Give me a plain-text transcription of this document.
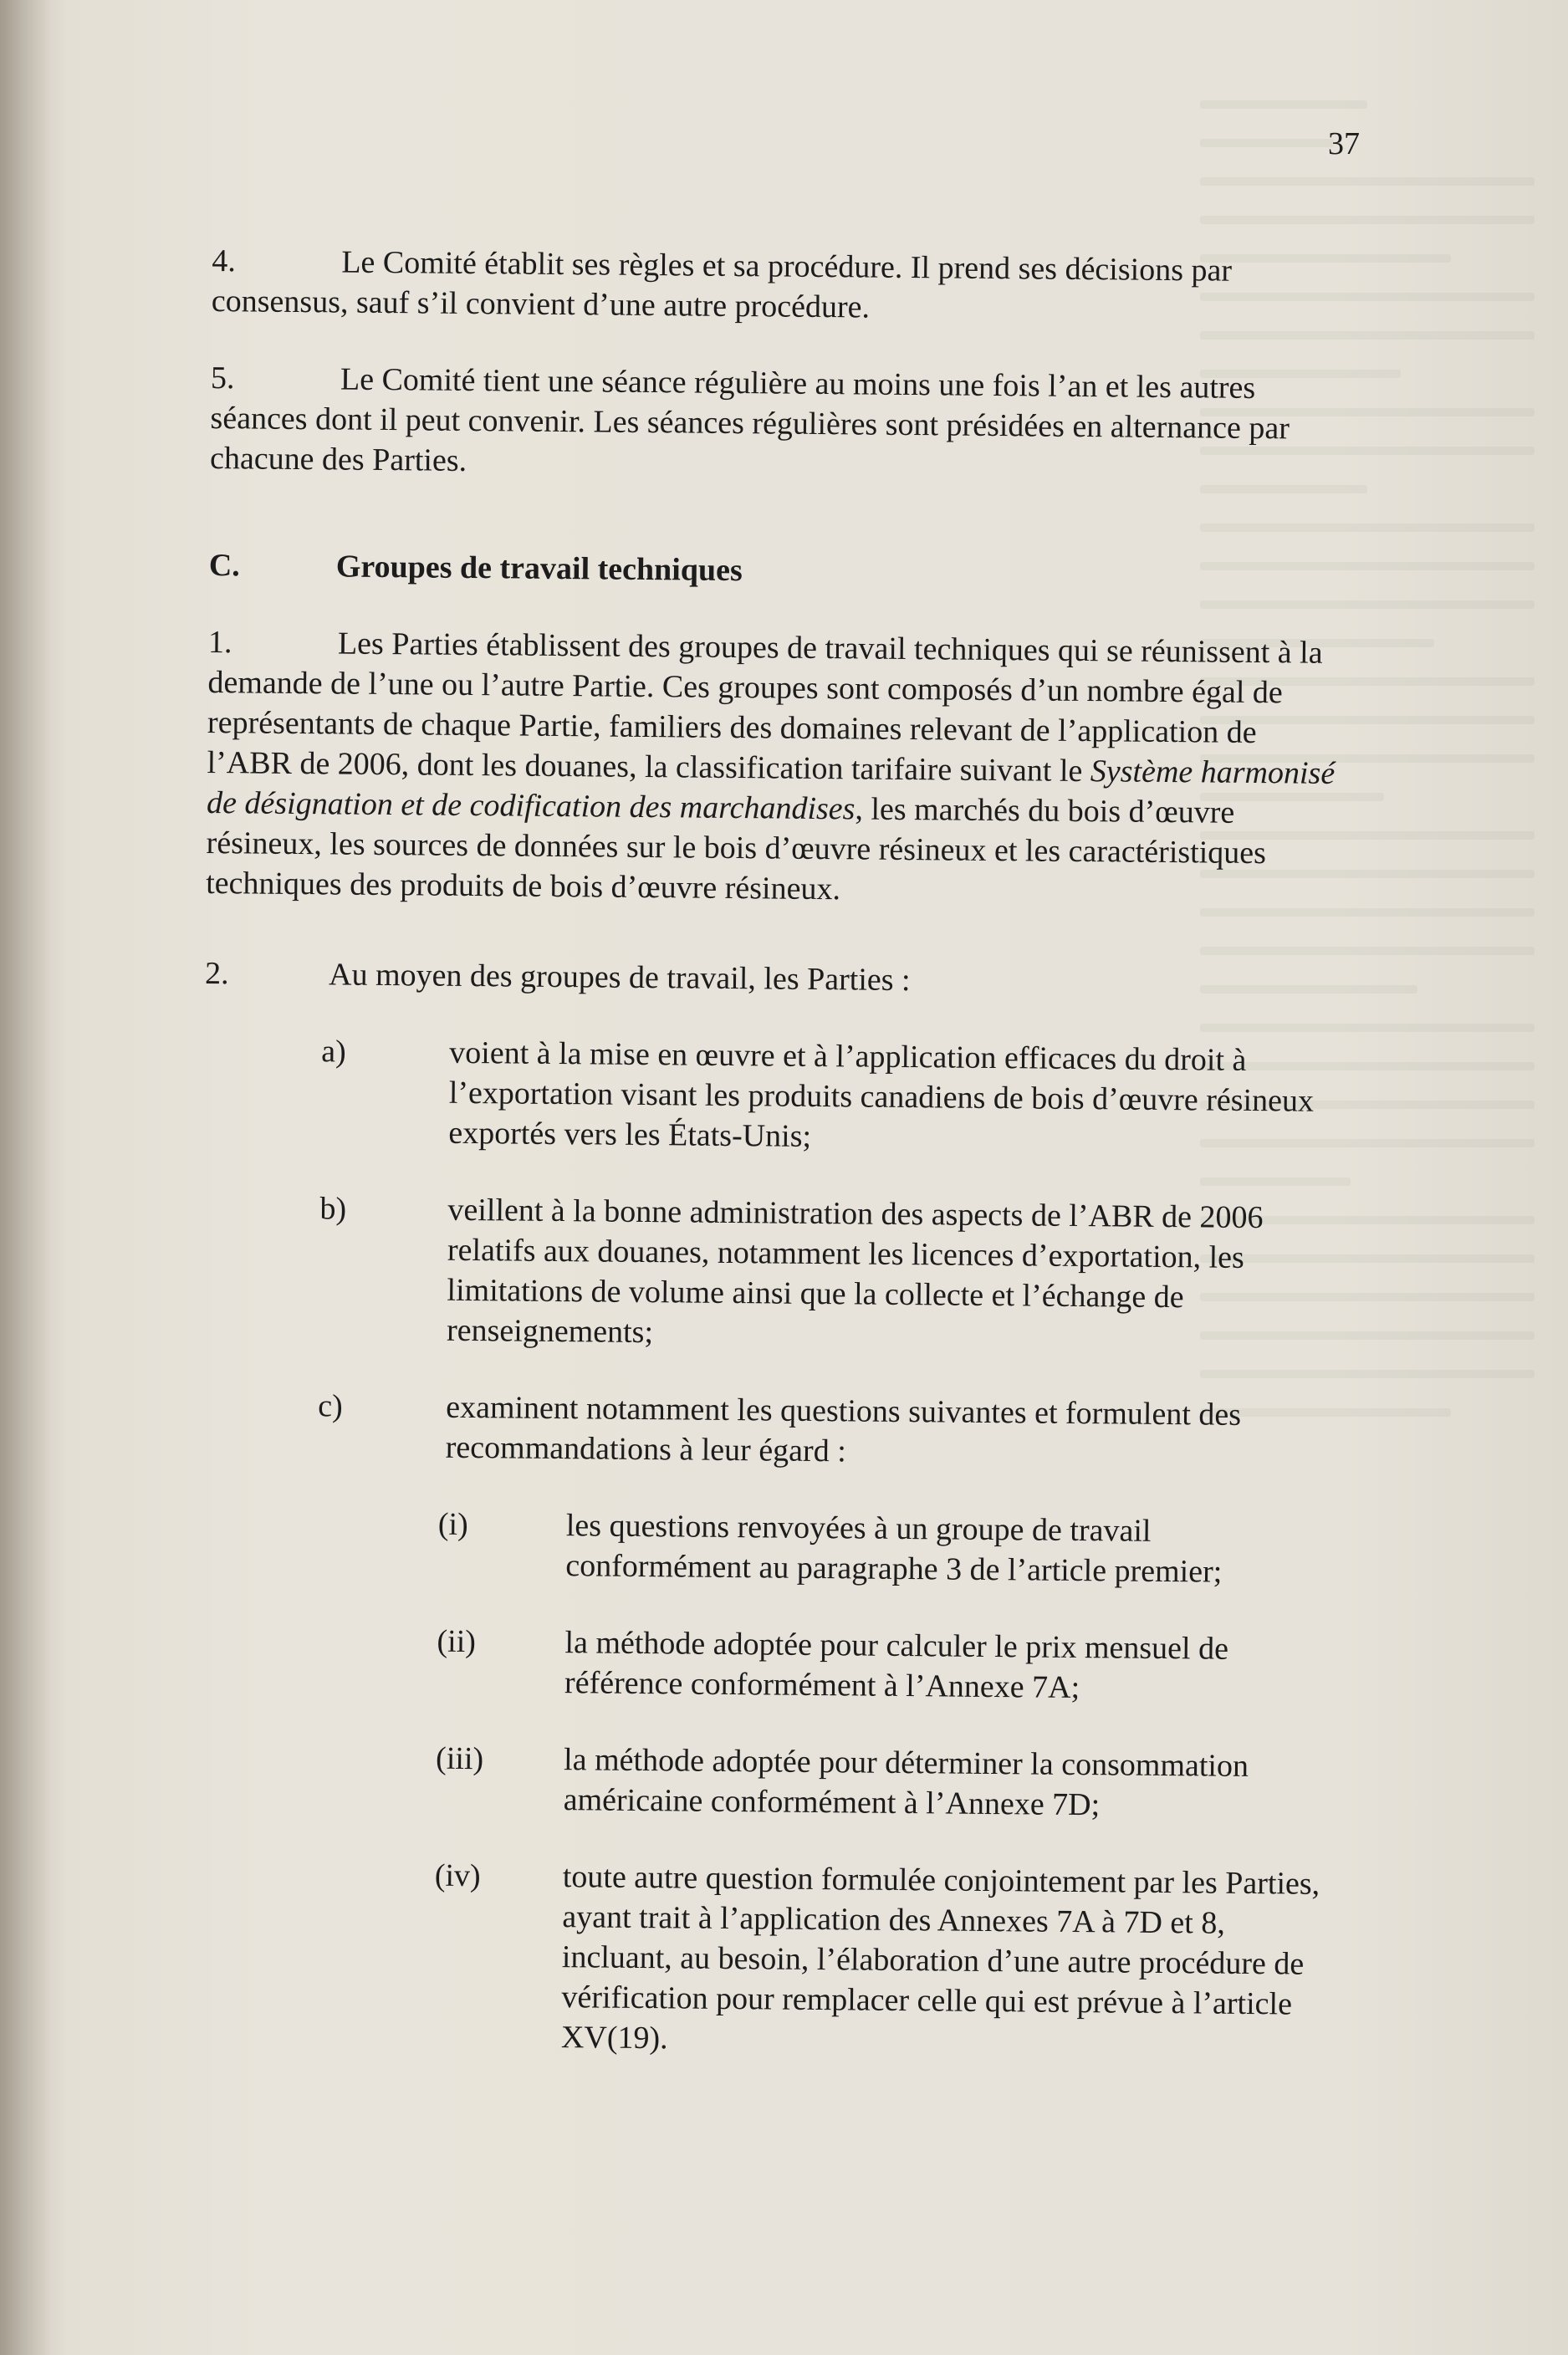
37

4.	Le Comité établit ses règles et sa procédure. Il prend ses décisions par consensus, sauf s’il convient d’une autre procédure.

5.	Le Comité tient une séance régulière au moins une fois l’an et les autres séances dont il peut convenir. Les séances régulières sont présidées en alternance par chacune des Parties.

C.	Groupes de travail techniques

1.	Les Parties établissent des groupes de travail techniques qui se réunissent à la demande de l’une ou l’autre Partie. Ces groupes sont composés d’un nombre égal de représentants de chaque Partie, familiers des domaines relevant de l’application de l’ABR de 2006, dont les douanes, la classification tarifaire suivant le Système harmonisé de désignation et de codification des marchandises, les marchés du bois d’œuvre résineux, les sources de données sur le bois d’œuvre résineux et les caractéristiques techniques des produits de bois d’œuvre résineux.

2.	Au moyen des groupes de travail, les Parties :
a)	voient à la mise en œuvre et à l’application efficaces du droit à l’exportation visant les produits canadiens de bois d’œuvre résineux exportés vers les États-Unis;
b)	veillent à la bonne administration des aspects de l’ABR de 2006 relatifs aux douanes, notamment les licences d’exportation, les limitations de volume ainsi que la collecte et l’échange de renseignements;
c)	examinent notamment les questions suivantes et formulent des recommandations à leur égard :
(i)	les questions renvoyées à un groupe de travail conformément au paragraphe 3 de l’article premier;
(ii)	la méthode adoptée pour calculer le prix mensuel de référence conformément à l’Annexe 7A;
(iii)	la méthode adoptée pour déterminer la consommation américaine conformément à l’Annexe 7D;
(iv)	toute autre question formulée conjointement par les Parties, ayant trait à l’application des Annexes 7A à 7D et 8, incluant, au besoin, l’élaboration d’une autre procédure de vérification pour remplacer celle qui est prévue à l’article XV(19).
